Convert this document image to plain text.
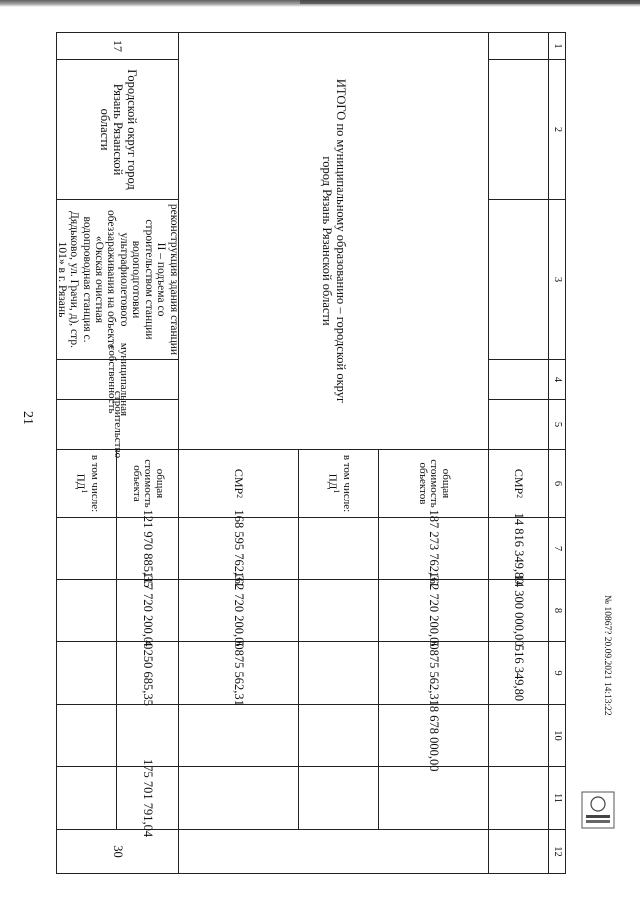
21
1
2
3
4
5
6
7
8
9
10
11
12
СМР
2
14 816 349,80
14 300 000,00
516 349,80
ИТОГО по муниципальному образованию – городской округ город Рязань Рязанской области
общая стоимость объектов
187 273 762,31
162 720 200,00
5 875 562,31
18 678 000,00
в том числе: $ПД^1$
СМР
2
168 595 762,31
162 720 200,00
5 875 562,31
17
Городской округ город Рязань Рязанской области
реконструкция здания станции II – подъема со строительством станции водоподготовки ультрафиолетового обеззараживания на объекте «Окская очистная водопроводная станция с. Дядьково, ул. Грачи, д), стр. 101» в г. Рязань
муниципальная собственность
строительство
общая стоимость объекта
121 970 885,35
117 720 200,00
4 250 685,35
175 701 791,04
в том числе: $ПД^1$
30
№ 10867? 20.09.2021 14:13:22
